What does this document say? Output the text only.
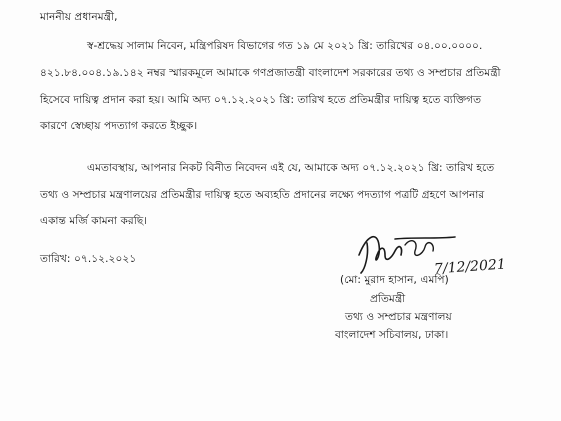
মাননীয় প্রধানমন্ত্রী,
স্ব-শ্রদ্ধেয় সালাম নিবেন, মন্ত্রিপরিষদ বিভাগের গত ১৯ মে ২০২১ খ্রি: তারিখের ০৪.০০.০০০০.
৪২১.৮৪.০০৪.১৯.১৪২ নম্বর স্মারকমূলে আমাকে গণপ্রজাতন্ত্রী বাংলাদেশ সরকারের তথ্য ও সম্প্রচার প্রতিমন্ত্রী
হিসেবে দায়িত্ব প্রদান করা হয়। আমি অদ্য ০৭.১২.২০২১ খ্রি: তারিখ হতে প্রতিমন্ত্রীর দায়িত্ব হতে ব্যক্তিগত
কারণে স্বেচ্ছায় পদত্যাগ করতে ইচ্ছুক।
এমতাবস্থায়, আপনার নিকট বিনীত নিবেদন এই যে, আমাকে অদ্য ০৭.১২.২০২১ খ্রি: তারিখ হতে
তথ্য ও সম্প্রচার মন্ত্রণালয়ের প্রতিমন্ত্রীর দায়িত্ব হতে অব্যহতি প্রদানের লক্ষ্যে পদত্যাগ পত্রটি গ্রহণে আপনার
একান্ত মর্জি কামনা করছি।
তারিখ: ০৭.১২.২০২১	7/12/2021
(মো: মুরাদ হাসান, এমপি)
প্রতিমন্ত্রী
তথ্য ও সম্প্রচার মন্ত্রণালয়
বাংলাদেশ সচিবালয়, ঢাকা।
